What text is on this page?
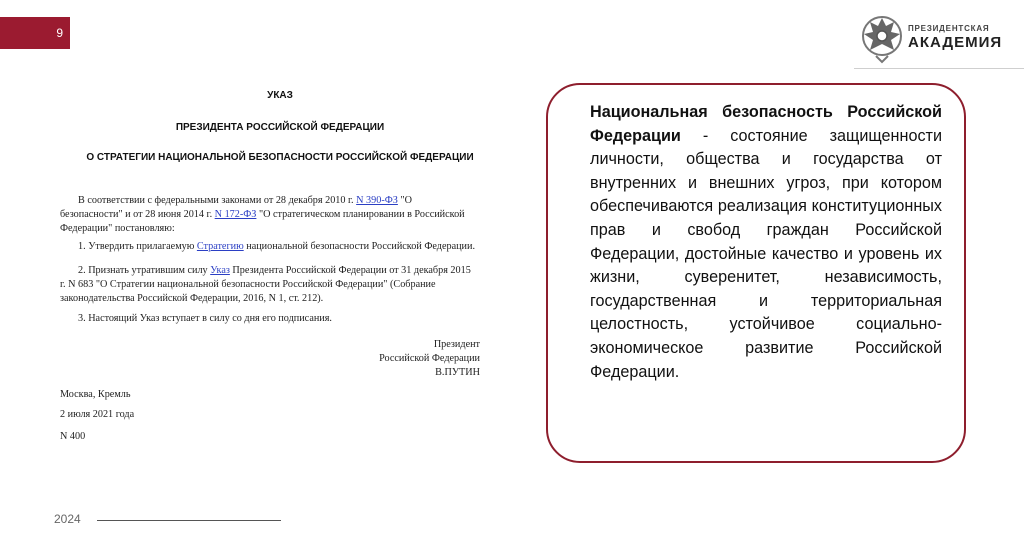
9	ПРЕЗИДЕНТСКАЯ
АКАДЕМИЯ
УКАЗ
ПРЕЗИДЕНТА РОССИЙСКОЙ ФЕДЕРАЦИИ
О СТРАТЕГИИ НАЦИОНАЛЬНОЙ БЕЗОПАСНОСТИ РОССИЙСКОЙ ФЕДЕРАЦИИ

В соответствии с федеральными законами от 28 декабря 2010 г. N 390-ФЗ "О

безопасности" и от 28 июня 2014 г. N 172-ФЗ "О стратегическом планировании в Российской

Федерации" постановляю:

1. Утвердить прилагаемую Стратегию национальной безопасности Российской Федерации.

2. Признать утратившим силу Указ Президента Российской Федерации от 31 декабря 2015

г. N 683 "О Стратегии национальной безопасности Российской Федерации" (Собрание

законодательства Российской Федерации, 2016, N 1, ст. 212).

3. Настоящий Указ вступает в силу со дня его подписания.

Президент
Российской Федерации
В.ПУТИН

Москва, Кремль

2 июля 2021 года

N 400

Национальная безопасность Российской Федерации - состояние защищенности личности, общества и государства от внутренних и внешних угроз, при котором обеспечиваются реализация конституционных прав и свобод граждан Российской Федерации, достойные качество и уровень их жизни, суверенитет, независимость, государственная и территориальная целостность, устойчивое социально-экономическое развитие Российской Федерации.
2024
